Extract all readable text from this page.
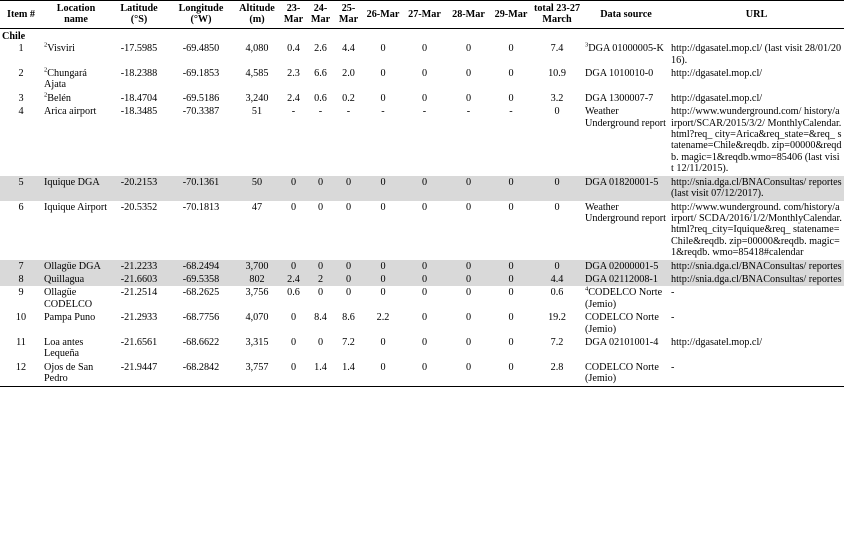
Item #	Location name	Latitude (°S)	Longitude (°W)	Altitude (m)	23-Mar	24-Mar	25-Mar	26-Mar	27-Mar	28-Mar	29-Mar	total 23-27 March	Data source	URL
Chile														
1	$^2$Visviri	-17.5985	-69.4850	4,080	0.4	2.6	4.4	0	0	0	0	7.4	$^3$DGA 01000005-K	http://dgasatel.mop.cl/ (last visit 28/01/2016).
2	$^2$Chungará Ajata	-18.2388	-69.1853	4,585	2.3	6.6	2.0	0	0	0	0	10.9	DGA 1010010-0	http://dgasatel.mop.cl/
3	$^2$Belén	-18.4704	-69.5186	3,240	2.4	0.6	0.2	0	0	0	0	3.2	DGA 1300007-7	http://dgasatel.mop.cl/
4	Arica airport	-18.3485	-70.3387	51	-	-	-	-	-	-	-	0	Weather Underground report	http://www.wunderground.com/ history/airport/SCAR/2015/3/2/ MonthlyCalendar.html?req_ city=Arica&req_state=&req_ statename=Chile&reqdb. zip=00000&reqdb. magic=1&reqdb.wmo=85406 (last visit 12/11/2015).
5	Iquique DGA	-20.2153	-70.1361	50	0	0	0	0	0	0	0	0	DGA 01820001-5	http://snia.dga.cl/BNAConsultas/ reportes (last visit 07/12/2017).
6	Iquique Airport	-20.5352	-70.1813	47	0	0	0	0	0	0	0	0	Weather Underground report	http://www.wunderground. com/history/airport/ SCDA/2016/1/2/MonthlyCalendar. html?req_city=Iquique&req_ statename=Chile&reqdb. zip=00000&reqdb. magic=1&reqdb. wmo=85418#calendar
7	Ollagüe DGA	-21.2233	-68.2494	3,700	0	0	0	0	0	0	0	0	DGA 02000001-5	http://snia.dga.cl/BNAConsultas/ reportes
8	Quillagua	-21.6603	-69.5358	802	2.4	2	0	0	0	0	0	4.4	DGA 02112008-1	http://snia.dga.cl/BNAConsultas/ reportes
9	Ollagüe CODELCO	-21.2514	-68.2625	3,756	0.6	0	0	0	0	0	0	0.6	$^4$CODELCO Norte (Jemio)	-
10	Pampa Puno	-21.2933	-68.7756	4,070	0	8.4	8.6	2.2	0	0	0	19.2	CODELCO Norte (Jemio)	-
11	Loa antes Lequeña	-21.6561	-68.6622	3,315	0	0	7.2	0	0	0	0	7.2	DGA 02101001-4	http://dgasatel.mop.cl/
12	Ojos de San Pedro	-21.9447	-68.2842	3,757	0	1.4	1.4	0	0	0	0	2.8	CODELCO Norte (Jemio)	-
